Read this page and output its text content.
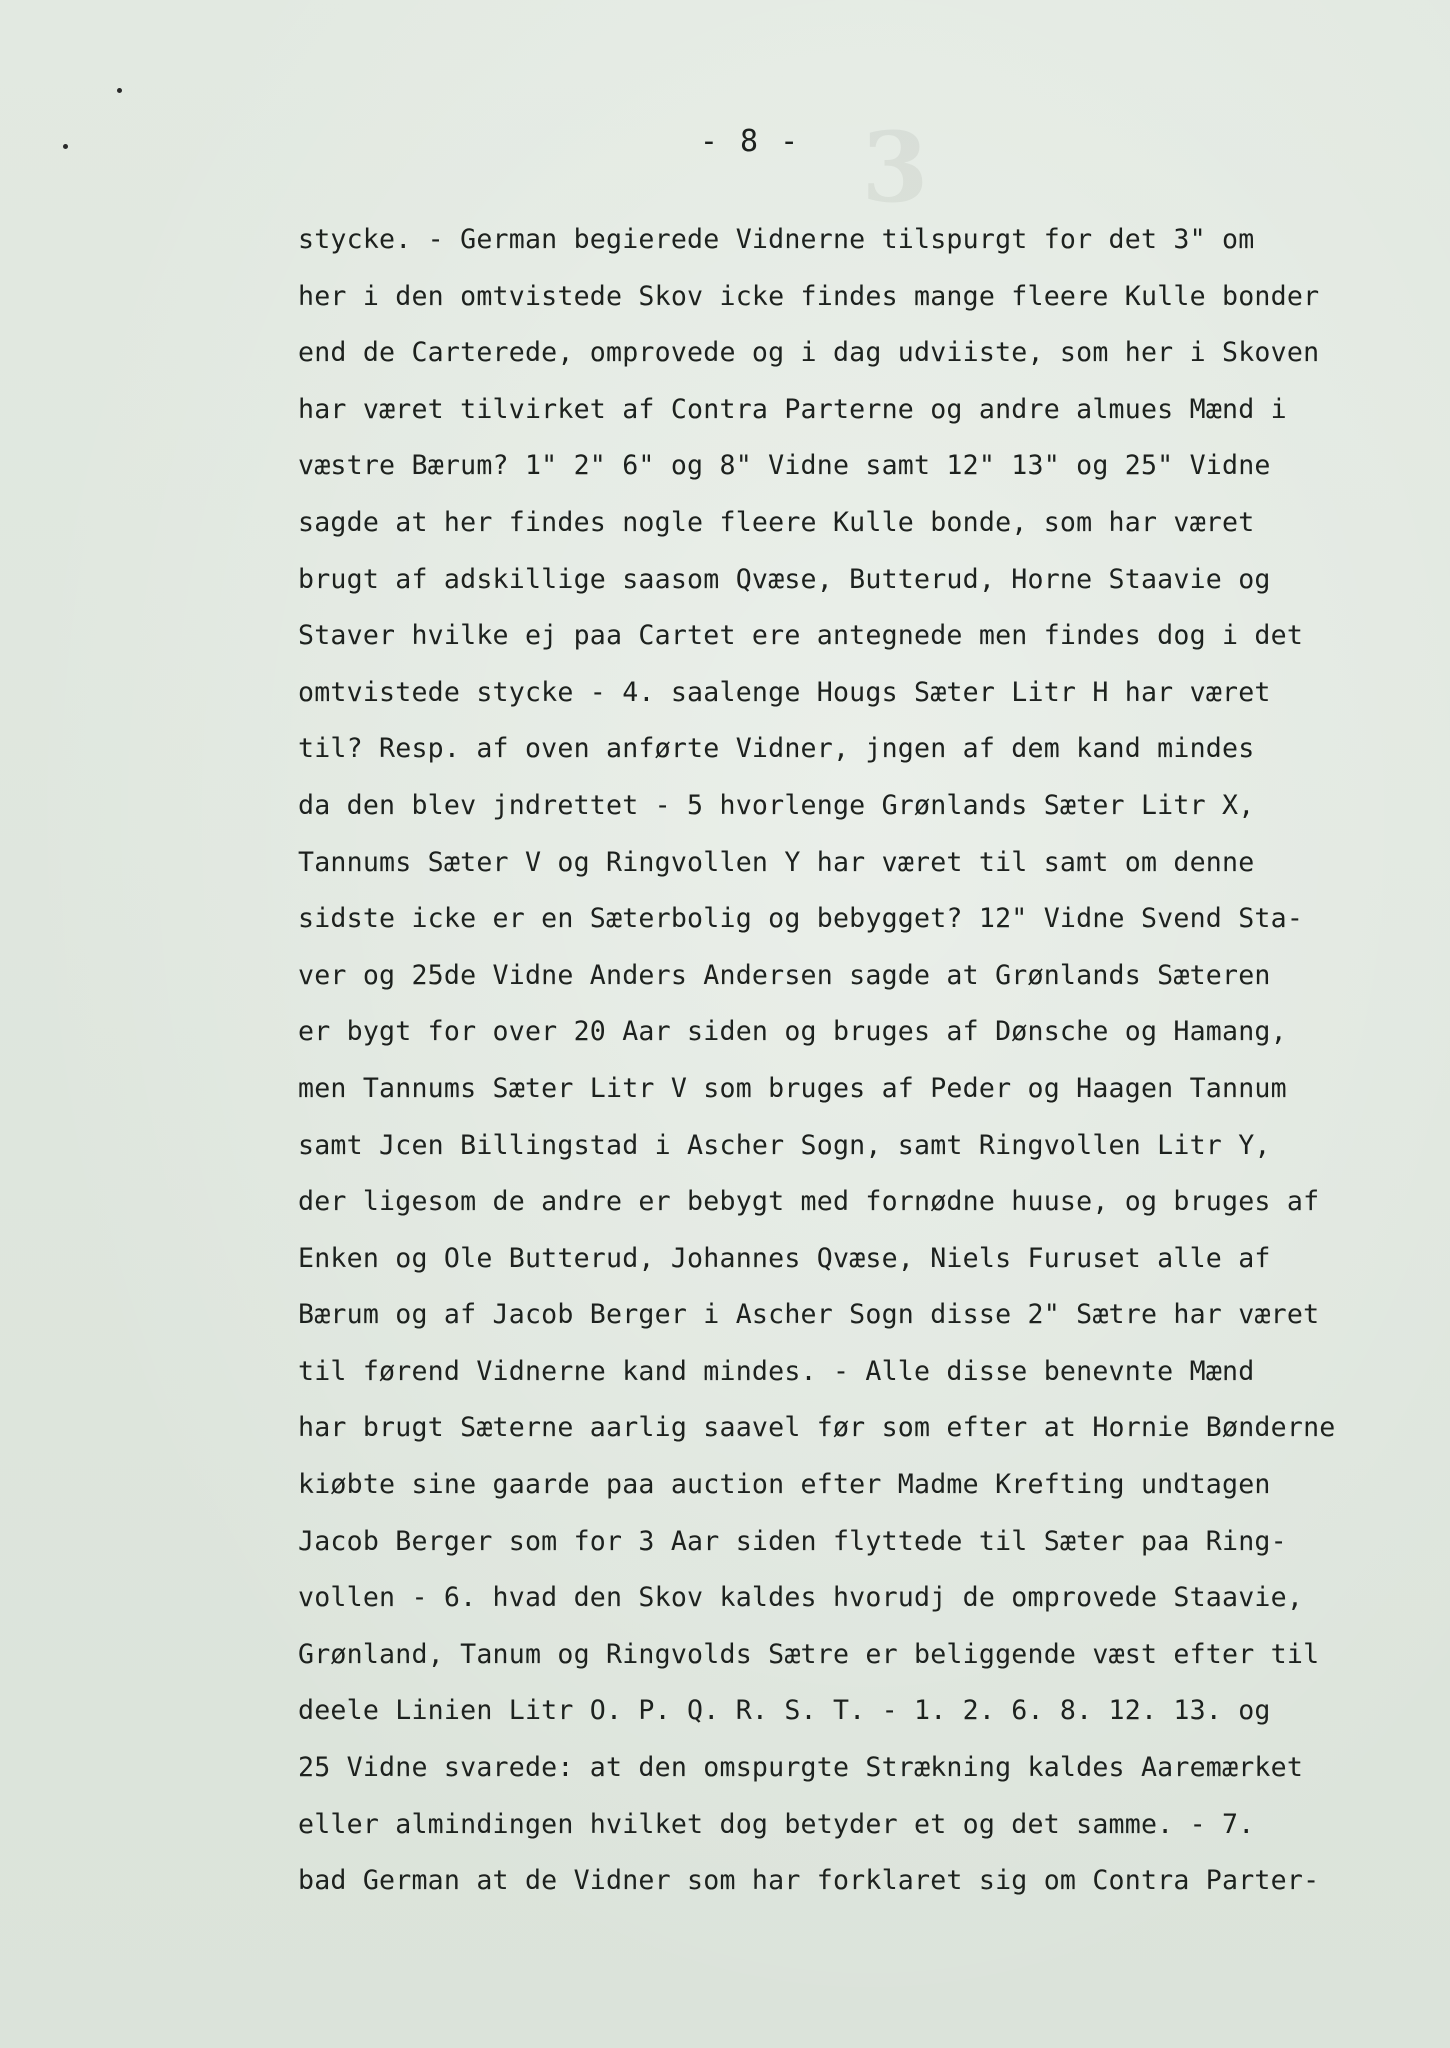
3
- 8 -
stycke. - German begierede Vidnerne tilspurgt for det 3" om
her i den omtvistede Skov icke findes mange fleere Kulle bonder
end de Carterede, omprovede og i dag udviiste, som her i Skoven
har været tilvirket af Contra Parterne og andre almues Mænd i
væstre Bærum? 1" 2" 6" og 8" Vidne samt 12" 13" og 25" Vidne
sagde at her findes nogle fleere Kulle bonde, som har været
brugt af adskillige saasom Qvæse, Butterud, Horne Staavie og
Staver hvilke ej paa Cartet ere antegnede men findes dog i det
omtvistede stycke - 4. saalenge Hougs Sæter Litr H har været
til? Resp. af oven anførte Vidner, jngen af dem kand mindes
da den blev jndrettet - 5 hvorlenge Grønlands Sæter Litr X,
Tannums Sæter V og Ringvollen Y har været til samt om denne
sidste icke er en Sæterbolig og bebygget? 12" Vidne Svend Sta-
ver og 25de Vidne Anders Andersen sagde at Grønlands Sæteren
er bygt for over 20 Aar siden og bruges af Dønsche og Hamang,
men Tannums Sæter Litr V som bruges af Peder og Haagen Tannum
samt Jcen Billingstad i Ascher Sogn, samt Ringvollen Litr Y,
der ligesom de andre er bebygt med fornødne huuse, og bruges af
Enken og Ole Butterud, Johannes Qvæse, Niels Furuset alle af
Bærum og af Jacob Berger i Ascher Sogn disse 2" Sætre har været
til førend Vidnerne kand mindes. - Alle disse benevnte Mænd
har brugt Sæterne aarlig saavel før som efter at Hornie Bønderne
kiøbte sine gaarde paa auction efter Madme Krefting undtagen
Jacob Berger som for 3 Aar siden flyttede til Sæter paa Ring-
vollen - 6. hvad den Skov kaldes hvorudj de omprovede Staavie,
Grønland, Tanum og Ringvolds Sætre er beliggende væst efter til
deele Linien Litr O. P. Q. R. S. T. - 1. 2. 6. 8. 12. 13. og
25 Vidne svarede: at den omspurgte Strækning kaldes Aaremærket
eller almindingen hvilket dog betyder et og det samme. - 7.
bad German at de Vidner som har forklaret sig om Contra Parter-
